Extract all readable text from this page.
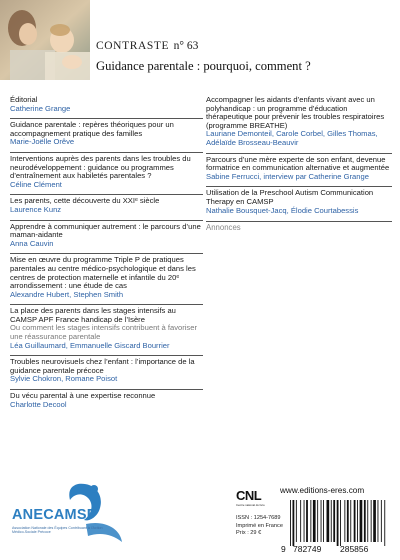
CONTRASTE n° 63
Guidance parentale : pourquoi, comment ?
Éditorial
Catherine Grange
Guidance parentale : repères théoriques pour un accompagnement pratique des familles
Marie-Joëlle Orêve
Interventions auprès des parents dans les troubles du neurodéveloppement : guidance ou programmes d’entraînement aux habiletés parentales ?
Céline Clément
Les parents, cette découverte du XXIᵉ siècle
Laurence Kunz
Apprendre à communiquer autrement : le parcours d’une maman-aidante
Anna Cauvin
Mise en œuvre du programme Triple P de pratiques parentales au centre médico-psychologique et dans les centres de protection maternelle et infantile du 20ᵉ arrondissement : une étude de cas
Alexandre Hubert, Stephen Smith
La place des parents dans les stages intensifs au CAMSP APF France handicap de l’Isère
Ou comment les stages intensifs contribuent à favoriser une réassurance parentale
Léa Guillaumard, Emmanuelle Giscard Bourrier
Troubles neurovisuels chez l’enfant : l’importance de la guidance parentale précoce
Sylvie Chokron, Romane Poisot
Du vécu parental à une expertise reconnue
Charlotte Decool
Accompagner les aidants d’enfants vivant avec un polyhandicap : un programme d’éducation thérapeutique pour prévenir les troubles respiratoires (programme BREATHE)
Lauriane Demonteil, Carole Corbel, Gilles Thomas, Adélaïde Brosseau-Beauvir
Parcours d’une mère experte de son enfant, devenue formatrice en communication alternative et augmentée
Sabine Ferrucci, interview par Catherine Grange
Utilisation de la Preschool Autism Communication Therapy en CAMSP
Nathalie Bousquet-Jacq, Élodie Courtabessis
Annonces
ANECAMSP
Association Nationale des Équipes Contribuant à l’Action Médico-Sociale Précoce
CNL
Centre national du livre
www.editions-eres.com
ISSN : 1254-7689
Imprimé en France
Prix : 29 €
9 782749 285856
